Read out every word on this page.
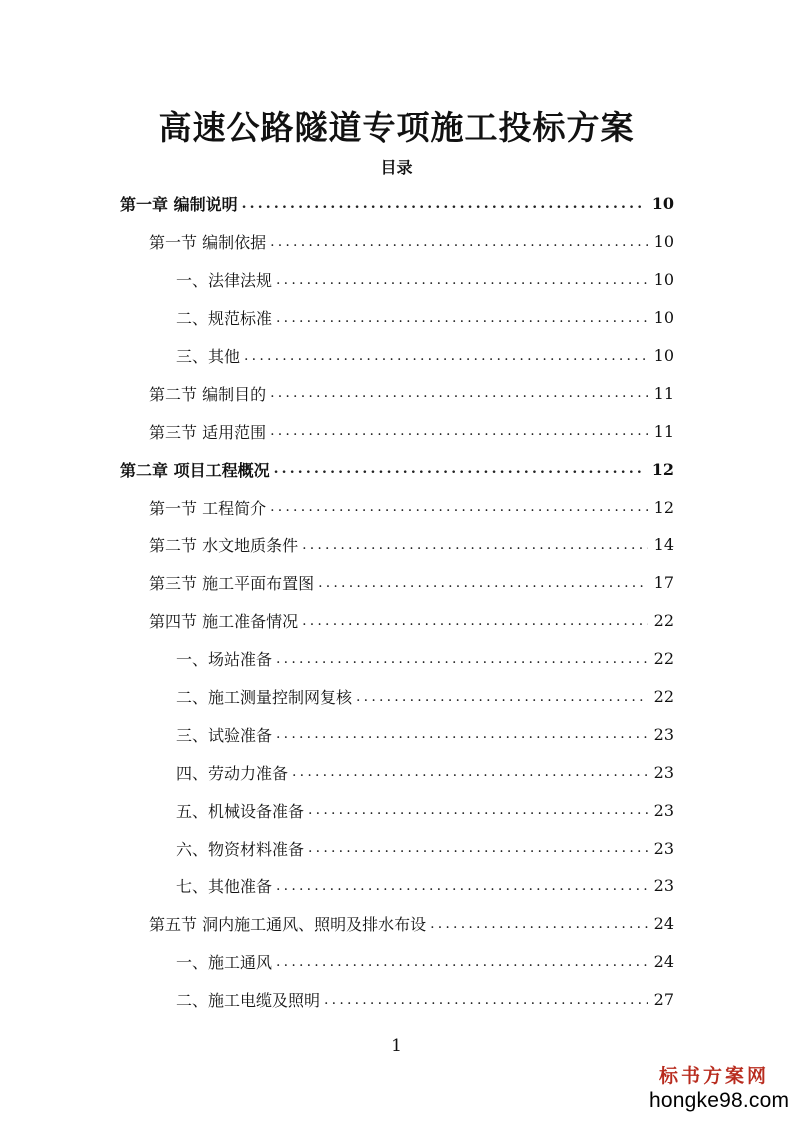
高速公路隧道专项施工投标方案
目录
第一章 编制说明 .....	10
第一节 编制依据 .....	10
一、法律法规 .....	10
二、规范标准 .....	10
三、其他 .....	10
第二节 编制目的 .....	11
第三节 适用范围 .....	11
第二章 项目工程概况 .....	12
第一节 工程简介 .....	12
第二节 水文地质条件 .....	14
第三节 施工平面布置图 .....	17
第四节 施工准备情况 .....	22
一、场站准备 .....	22
二、施工测量控制网复核 .....	22
三、试验准备 .....	23
四、劳动力准备 .....	23
五、机械设备准备 .....	23
六、物资材料准备 .....	23
七、其他准备 .....	23
第五节 洞内施工通风、照明及排水布设 .....	24
一、施工通风 .....	24
二、施工电缆及照明 .....	27
1
标书方案网
hongke98.com
